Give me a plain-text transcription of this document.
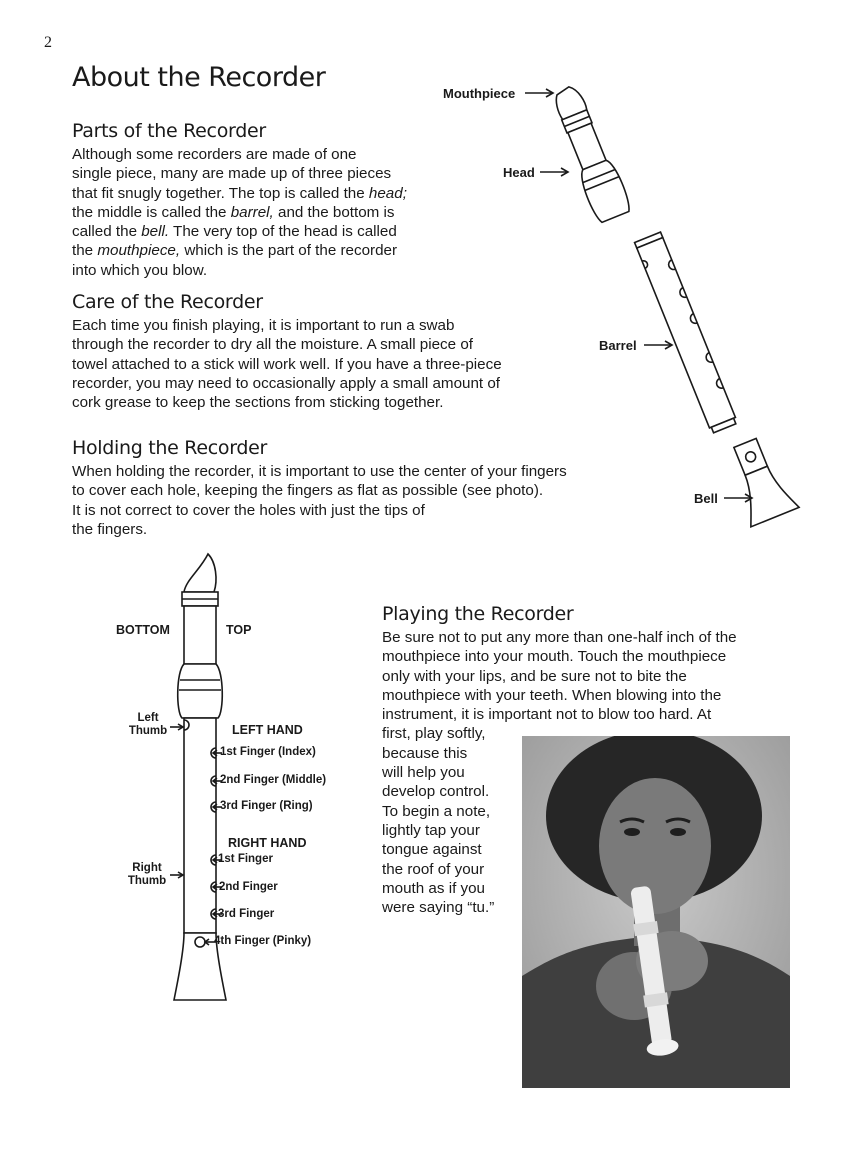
2
About the Recorder
Parts of the Recorder
Although some recorders are made of one
single piece, many are made up of three pieces
that fit snugly together. The top is called the head;
the middle is called the barrel, and the bottom is
called the bell. The very top of the head is called
the mouthpiece, which is the part of the recorder
into which you blow.
Care of the Recorder
Each time you finish playing, it is important to run a swab
through the recorder to dry all the moisture. A small piece of
towel attached to a stick will work well. If you have a three-piece
recorder, you may need to occasionally apply a small amount of
cork grease to keep the sections from sticking together.
Holding the Recorder
When holding the recorder, it is important to use the center of your fingers
to cover each hole, keeping the fingers as flat as possible (see photo).
It is not correct to cover the holes with just the tips of
the fingers.
Playing the Recorder
Be sure not to put any more than one-half inch of the
mouthpiece into your mouth. Touch the mouthpiece
only with your lips, and be sure not to bite the
mouthpiece with your teeth. When blowing into the
instrument, it is important not to blow too hard. At
first, play softly,
because this
will help you
develop control.
To begin a note,
lightly tap your
tongue against
the roof of your
mouth as if you
were saying “tu.”
Mouthpiece
Head
Barrel
Bell
BOTTOM	TOP
Left
Thumb	LEFT HAND
1st Finger (Index)
2nd Finger (Middle)
3rd Finger (Ring)
RIGHT HAND
1st Finger
Right
Thumb	2nd Finger
3rd Finger
4th Finger (Pinky)
